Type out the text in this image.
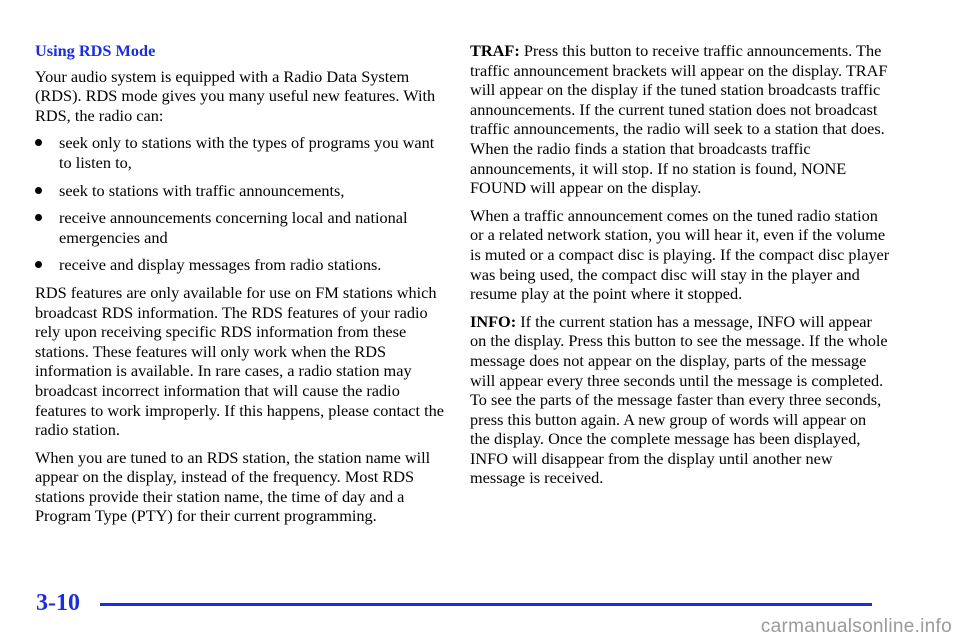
Using RDS Mode

Your audio system is equipped with a Radio Data System (RDS). RDS mode gives you many useful new features. With RDS, the radio can:

seek only to stations with the types of programs you want to listen to,
seek to stations with traffic announcements,
receive announcements concerning local and national emergencies and
receive and display messages from radio stations.

RDS features are only available for use on FM stations which broadcast RDS information. The RDS features of your radio rely upon receiving specific RDS information from these stations. These features will only work when the RDS information is available. In rare cases, a radio station may broadcast incorrect information that will cause the radio features to work improperly. If this happens, please contact the radio station.

When you are tuned to an RDS station, the station name will appear on the display, instead of the frequency. Most RDS stations provide their station name, the time of day and a Program Type (PTY) for their current programming.

TRAF: Press this button to receive traffic announcements. The traffic announcement brackets will appear on the display. TRAF will appear on the display if the tuned station broadcasts traffic announcements. If the current tuned station does not broadcast traffic announcements, the radio will seek to a station that does. When the radio finds a station that broadcasts traffic announcements, it will stop. If no station is found, NONE FOUND will appear on the display.

When a traffic announcement comes on the tuned radio station or a related network station, you will hear it, even if the volume is muted or a compact disc is playing. If the compact disc player was being used, the compact disc will stay in the player and resume play at the point where it stopped.

INFO: If the current station has a message, INFO will appear on the display. Press this button to see the message. If the whole message does not appear on the display, parts of the message will appear every three seconds until the message is completed. To see the parts of the message faster than every three seconds, press this button again. A new group of words will appear on the display. Once the complete message has been displayed, INFO will disappear from the display until another new message is received.

3-10
carmanualsonline.info
